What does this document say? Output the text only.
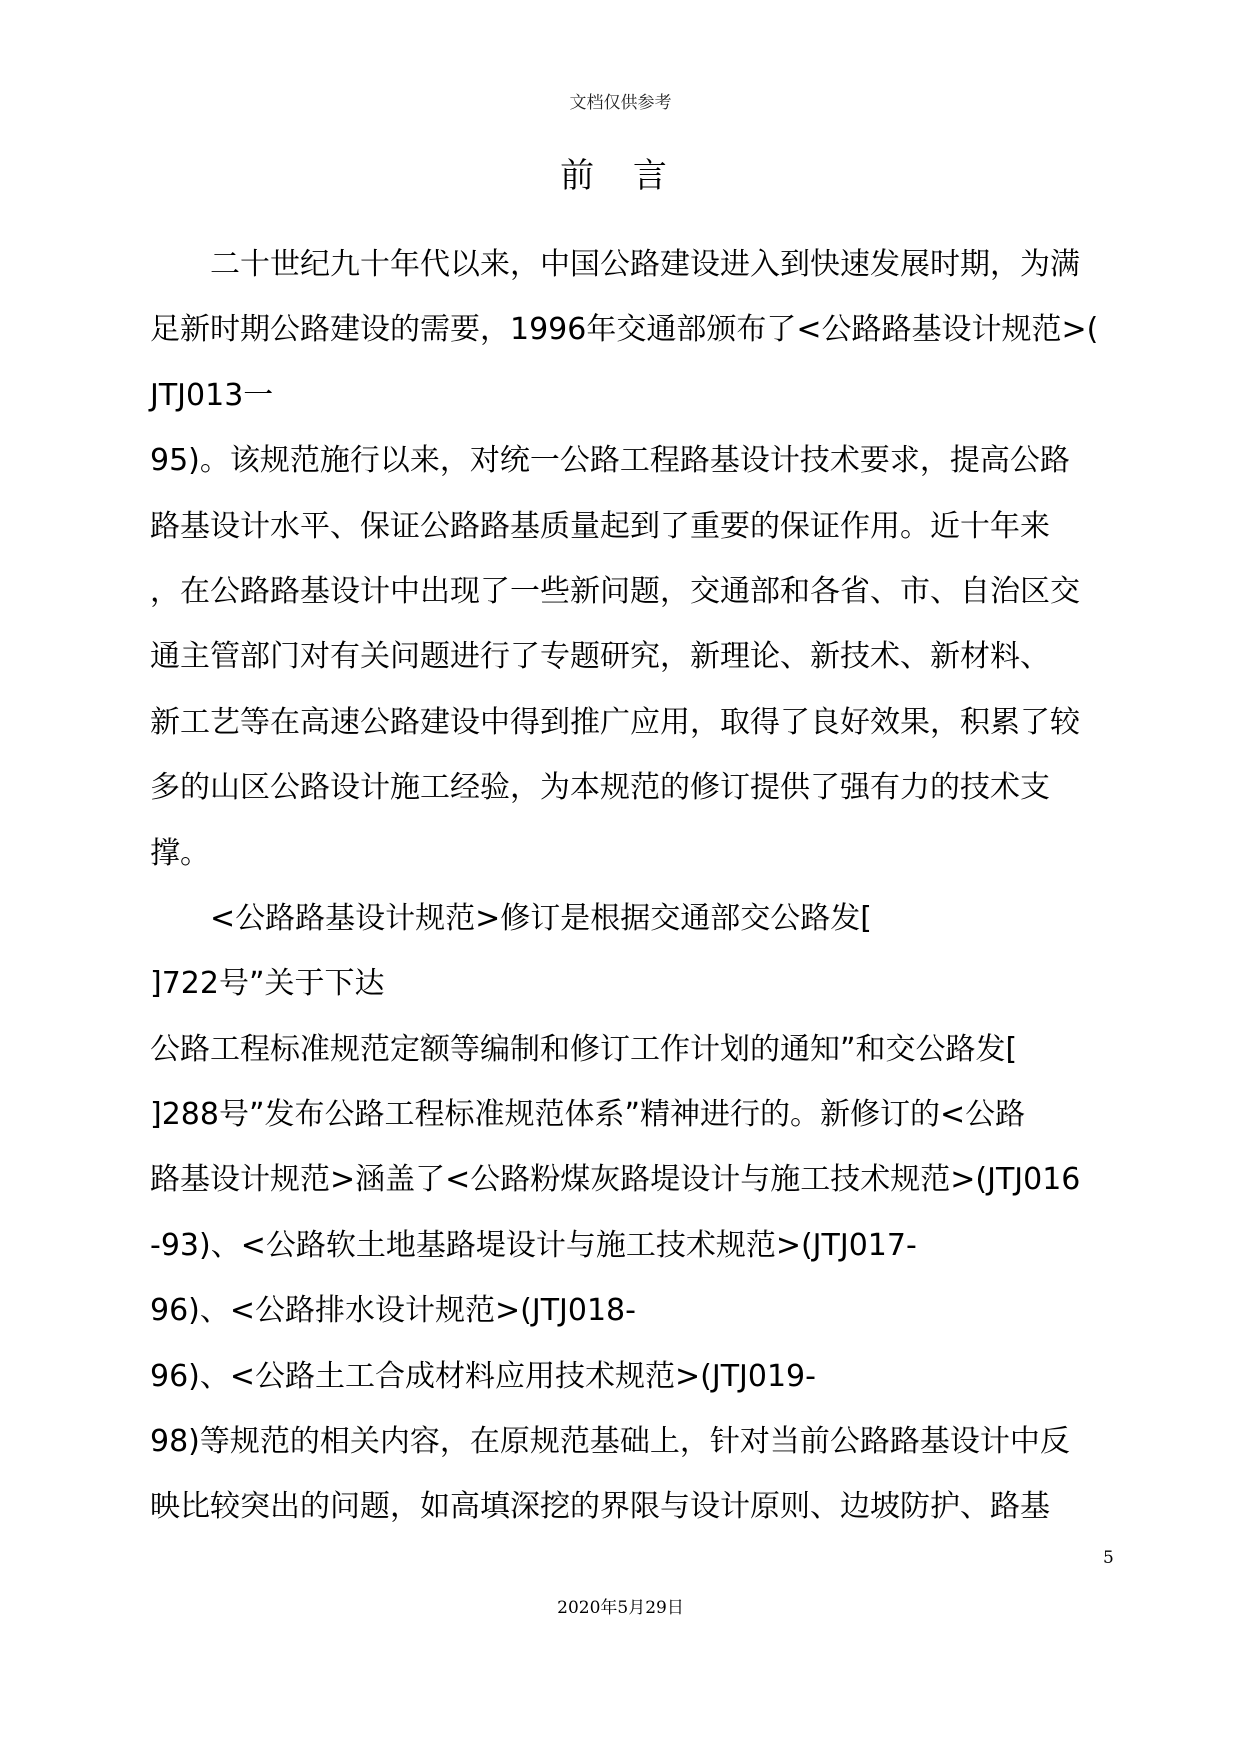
文档仅供参考
前 言
　　二十世纪九十年代以来，中国公路建设进入到快速发展时期，为满
足新时期公路建设的需要，1996年交通部颁布了<公路路基设计规范>(
JTJ013一
95)。该规范施行以来，对统一公路工程路基设计技术要求，提高公路
路基设计水平、保证公路路基质量起到了重要的保证作用。近十年来
，在公路路基设计中出现了一些新问题，交通部和各省、市、自治区交
通主管部门对有关问题进行了专题研究，新理论、新技术、新材料、
新工艺等在高速公路建设中得到推广应用，取得了良好效果，积累了较
多的山区公路设计施工经验，为本规范的修订提供了强有力的技术支
撑。
　　<公路路基设计规范>修订是根据交通部交公路发[
]722号”关于下达
公路工程标准规范定额等编制和修订工作计划的通知”和交公路发[
]288号”发布公路工程标准规范体系”精神进行的。新修订的<公路
路基设计规范>涵盖了<公路粉煤灰路堤设计与施工技术规范>(JTJ016
-93)、<公路软土地基路堤设计与施工技术规范>(JTJ017-
96)、<公路排水设计规范>(JTJ018-
96)、<公路土工合成材料应用技术规范>(JTJ019-
98)等规范的相关内容，在原规范基础上，针对当前公路路基设计中反
映比较突出的问题，如高填深挖的界限与设计原则、边坡防护、路基
5
2020年5月29日
